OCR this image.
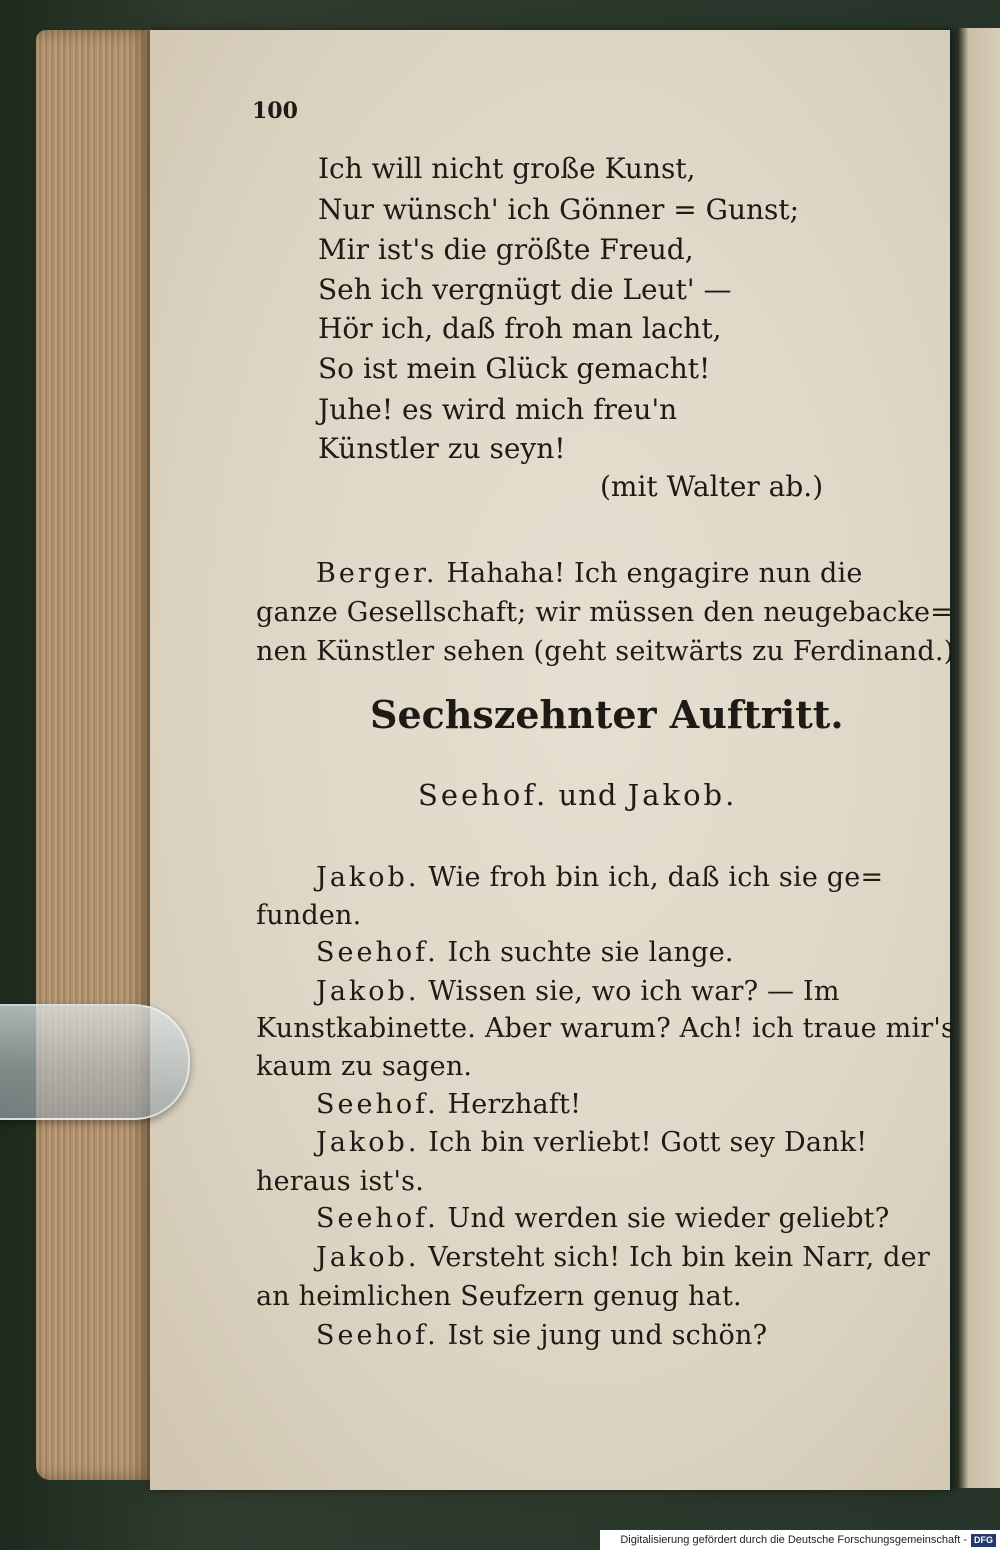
100
Ich will nicht große Kunst,
Nur wünsch' ich Gönner = Gunst;
Mir ist's die größte Freud,
Seh ich vergnügt die Leut' —
Hör ich, daß froh man lacht,
So ist mein Glück gemacht!
Juhe! es wird mich freu'n
Künstler zu seyn!
(mit Walter ab.)
Berger. Hahaha! Ich engagire nun die
ganze Gesellschaft; wir müssen den neugebacke=
nen Künstler sehen (geht seitwärts zu Ferdinand.)
Sechszehnter Auftritt.
Seehof. und Jakob.
Jakob. Wie froh bin ich, daß ich sie ge=
funden.
Seehof. Ich suchte sie lange.
Jakob. Wissen sie, wo ich war? — Im
Kunstkabinette. Aber warum? Ach! ich traue mir's
kaum zu sagen.
Seehof. Herzhaft!
Jakob. Ich bin verliebt! Gott sey Dank!
heraus ist's.
Seehof. Und werden sie wieder geliebt?
Jakob. Versteht sich! Ich bin kein Narr, der
an heimlichen Seufzern genug hat.
Seehof. Ist sie jung und schön?
Digitalisierung gefördert durch die Deutsche Forschungsgemeinschaft - DFG
